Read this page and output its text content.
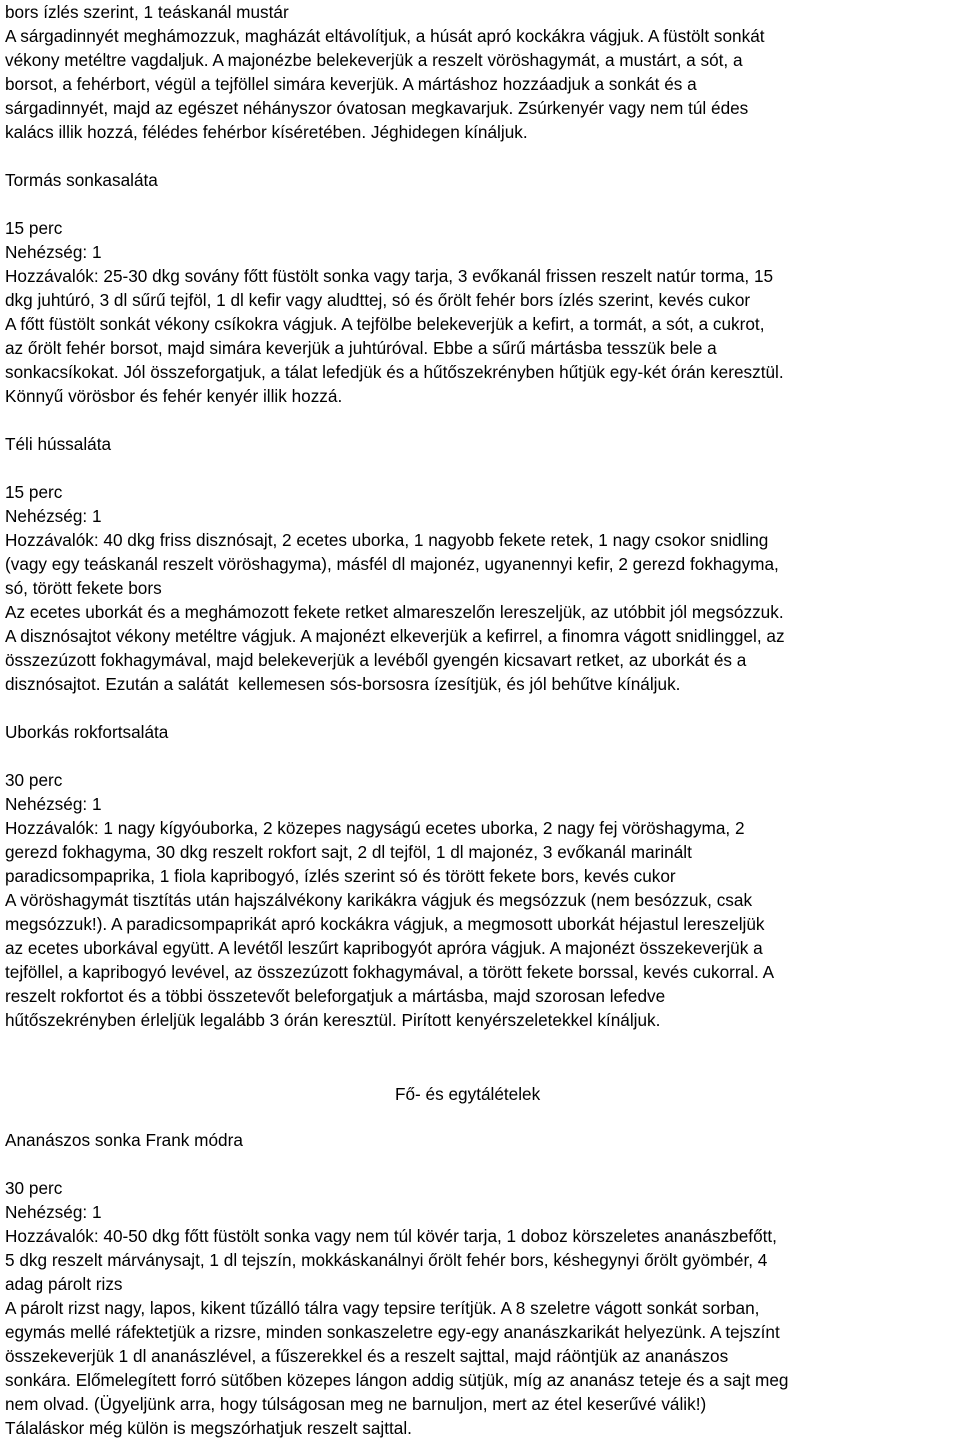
bors ízlés szerint, 1 teáskanál mustár
A sárgadinnyét meghámozzuk, magházát eltávolítjuk, a húsát apró kockákra vágjuk. A füstölt sonkát
vékony metéltre vagdaljuk. A majonézbe belekeverjük a reszelt vöröshagymát, a mustárt, a sót, a
borsot, a fehérbort, végül a tejföllel simára keverjük. A mártáshoz hozzáadjuk a sonkát és a
sárgadinnyét, majd az egészet néhányszor óvatosan megkavarjuk. Zsúrkenyér vagy nem túl édes
kalács illik hozzá, félédes fehérbor kíséretében. Jéghidegen kínáljuk.
Tormás sonkasaláta
15 perc
Nehézség: 1
Hozzávalók: 25-30 dkg sovány főtt füstölt sonka vagy tarja, 3 evőkanál frissen reszelt natúr torma, 15
dkg juhtúró, 3 dl sűrű tejföl, 1 dl kefir vagy aludttej, só és őrölt fehér bors ízlés szerint, kevés cukor
A főtt füstölt sonkát vékony csíkokra vágjuk. A tejfölbe belekeverjük a kefirt, a tormát, a sót, a cukrot,
az őrölt fehér borsot, majd simára keverjük a juhtúróval. Ebbe a sűrű mártásba tesszük bele a
sonkacsíkokat. Jól összeforgatjuk, a tálat lefedjük és a hűtőszekrényben hűtjük egy-két órán keresztül.
Könnyű vörösbor és fehér kenyér illik hozzá.
Téli hússaláta
15 perc
Nehézség: 1
Hozzávalók: 40 dkg friss disznósajt, 2 ecetes uborka, 1 nagyobb fekete retek, 1 nagy csokor snidling
(vagy egy teáskanál reszelt vöröshagyma), másfél dl majonéz, ugyanennyi kefir, 2 gerezd fokhagyma,
só, törött fekete bors
Az ecetes uborkát és a meghámozott fekete retket almareszelőn lereszeljük, az utóbbit jól megsózzuk.
A disznósajtot vékony metéltre vágjuk. A majonézt elkeverjük a kefirrel, a finomra vágott snidlinggel, az
összezúzott fokhagymával, majd belekeverjük a levéből gyengén kicsavart retket, az uborkát és a
disznósajtot. Ezután a salátát  kellemesen sós-borsosra ízesítjük, és jól behűtve kínáljuk.
Uborkás rokfortsaláta
30 perc
Nehézség: 1
Hozzávalók: 1 nagy kígyóuborka, 2 közepes nagyságú ecetes uborka, 2 nagy fej vöröshagyma, 2
gerezd fokhagyma, 30 dkg reszelt rokfort sajt, 2 dl tejföl, 1 dl majonéz, 3 evőkanál marinált
paradicsompaprika, 1 fiola kapribogyó, ízlés szerint só és törött fekete bors, kevés cukor
A vöröshagymát tisztítás után hajszálvékony karikákra vágjuk és megsózzuk (nem besózzuk, csak
megsózzuk!). A paradicsompaprikát apró kockákra vágjuk, a megmosott uborkát héjastul lereszeljük
az ecetes uborkával együtt. A levétől leszűrt kapribogyót apróra vágjuk. A majonézt összekeverjük a
tejföllel, a kapribogyó levével, az összezúzott fokhagymával, a törött fekete borssal, kevés cukorral. A
reszelt rokfortot és a többi összetevőt beleforgatjuk a mártásba, majd szorosan lefedve
hűtőszekrényben érleljük legalább 3 órán keresztül. Pirított kenyérszeletekkel kínáljuk.
Ananászos sonka Frank módra
30 perc
Nehézség: 1
Hozzávalók: 40-50 dkg főtt füstölt sonka vagy nem túl kövér tarja, 1 doboz körszeletes ananászbefőtt,
5 dkg reszelt márványsajt, 1 dl tejszín, mokkáskanálnyi őrölt fehér bors, késhegynyi őrölt gyömbér, 4
adag párolt rizs
A párolt rizst nagy, lapos, kikent tűzálló tálra vagy tepsire terítjük. A 8 szeletre vágott sonkát sorban,
egymás mellé ráfektetjük a rizsre, minden sonkaszeletre egy-egy ananászkarikát helyezünk. A tejszínt
összekeverjük 1 dl ananászlével, a fűszerekkel és a reszelt sajttal, majd ráöntjük az ananászos
sonkára. Előmelegített forró sütőben közepes lángon addig sütjük, míg az ananász teteje és a sajt meg
nem olvad. (Ügyeljünk arra, hogy túlságosan meg ne barnuljon, mert az étel keserűvé válik!)
Tálaláskor még külön is megszórhatjuk reszelt sajttal.
Fő- és egytálételek
